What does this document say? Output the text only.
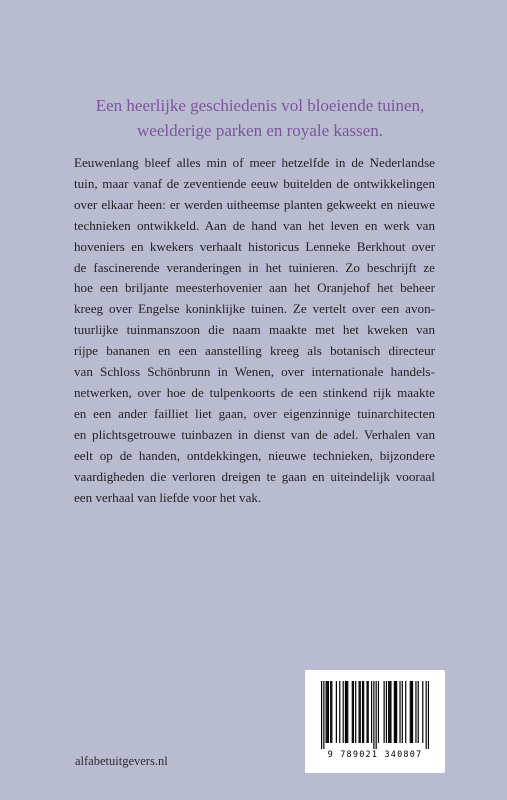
Een heerlijke geschiedenis vol bloeiende tuinen,
weelderige parken en royale kassen.
Eeuwenlang bleef alles min of meer hetzelfde in de Nederlandse
tuin, maar vanaf de zeventiende eeuw buitelden de ontwikkelingen
over elkaar heen: er werden uitheemse planten gekweekt en nieuwe
technieken ontwikkeld. Aan de hand van het leven en werk van
hoveniers en kwekers verhaalt historicus Lenneke Berkhout over
de fascinerende veranderingen in het tuinieren. Zo beschrijft ze
hoe een briljante meesterhovenier aan het Oranjehof het beheer
kreeg over Engelse koninklijke tuinen. Ze vertelt over een avon-
tuurlijke tuinmanszoon die naam maakte met het kweken van
rijpe bananen en een aanstelling kreeg als botanisch directeur
van Schloss Schönbrunn in Wenen, over internationale handels-
netwerken, over hoe de tulpenkoorts de een stinkend rijk maakte
en een ander failliet liet gaan, over eigenzinnige tuinarchitecten
en plichtsgetrouwe tuinbazen in dienst van de adel. Verhalen van
eelt op de handen, ontdekkingen, nieuwe technieken, bijzondere
vaardigheden die verloren dreigen te gaan en uiteindelijk vooraal
een verhaal van liefde voor het vak.
9 789021 340807
alfabetuitgevers.nl
